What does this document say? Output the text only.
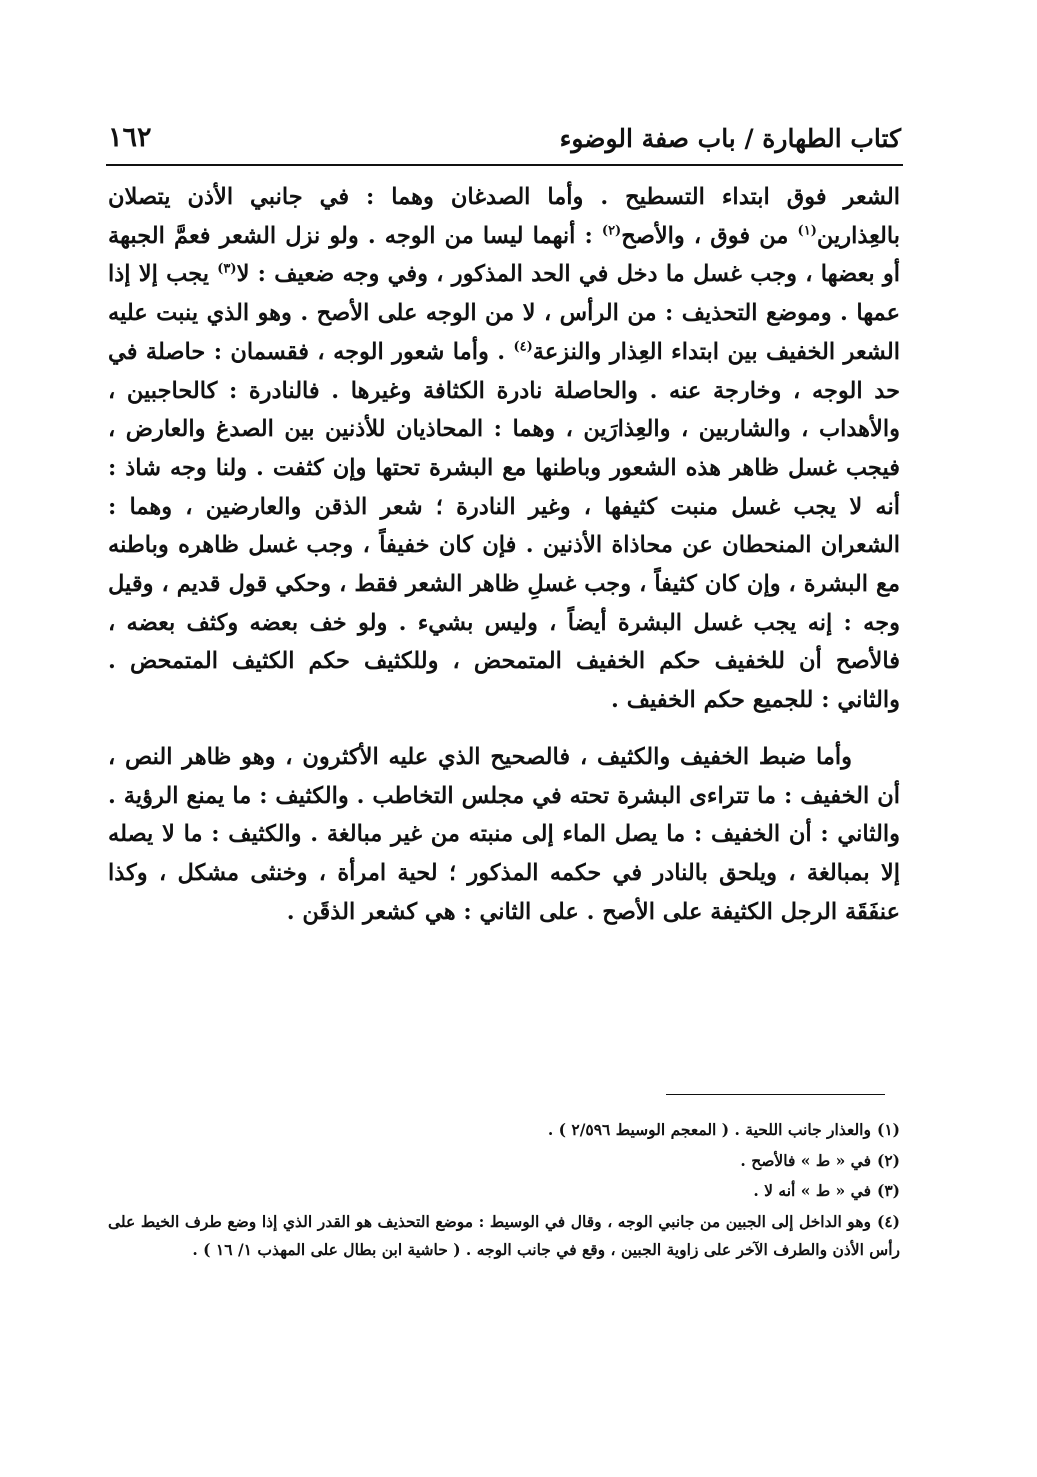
كتاب الطهارة / باب صفة الوضوء
١٦٢

الشعر فوق ابتداء التسطيح . وأما الصدغان وهما : في جانبي الأذن يتصلان بالعِذارين$^{(١)}$ من فوق ، والأصح$^{(٢)}$ : أنهما ليسا من الوجه . ولو نزل الشعر فعمَّ الجبهة أو بعضها ، وجب غسل ما دخل في الحد المذكور ، وفي وجه ضعيف : لا$^{(٣)}$ يجب إلا إذا عمها . وموضع التحذيف : من الرأس ، لا من الوجه على الأصح . وهو الذي ينبت عليه الشعر الخفيف بين ابتداء العِذار والنزعة$^{(٤)}$ . وأما شعور الوجه ، فقسمان : حاصلة في حد الوجه ، وخارجة عنه . والحاصلة نادرة الكثافة وغيرها . فالنادرة : كالحاجبين ، والأهداب ، والشاربين ، والعِذارَين ، وهما : المحاذيان للأذنين بين الصدغ والعارض ، فيجب غسل ظاهر هذه الشعور وباطنها مع البشرة تحتها وإن كثفت . ولنا وجه شاذ : أنه لا يجب غسل منبت كثيفها ، وغير النادرة ؛ شعر الذقن والعارضين ، وهما : الشعران المنحطان عن محاذاة الأذنين . فإن كان خفيفاً ، وجب غسل ظاهره وباطنه مع البشرة ، وإن كان كثيفاً ، وجب غسلِ ظاهر الشعر فقط ، وحكي قول قديم ، وقيل وجه : إنه يجب غسل البشرة أيضاً ، وليس بشيء . ولو خف بعضه وكثف بعضه ، فالأصح أن للخفيف حكم الخفيف المتمحض ، وللكثيف حكم الكثيف المتمحض . والثاني : للجميع حكم الخفيف .

وأما ضبط الخفيف والكثيف ، فالصحيح الذي عليه الأكثرون ، وهو ظاهر النص ، أن الخفيف : ما تتراءى البشرة تحته في مجلس التخاطب . والكثيف : ما يمنع الرؤية . والثاني : أن الخفيف : ما يصل الماء إلى منبته من غير مبالغة . والكثيف : ما لا يصله إلا بمبالغة ، ويلحق بالنادر في حكمه المذكور ؛ لحية امرأة ، وخنثى مشكل ، وكذا عنفَقَة الرجل الكثيفة على الأصح . على الثاني : هي كشعر الذقَن .

(١)والعذار جانب اللحية . ( المعجم الوسيط ٢/٥٩٦ ) .

(٢)في « ط » فالأصح .

(٣)في « ط » أنه لا .

(٤)وهو الداخل إلى الجبين من جانبي الوجه ، وقال في الوسيط : موضع التحذيف هو القدر الذي إذا وضع طرف الخيط على رأس الأذن والطرف الآخر على زاوية الجبين ، وقع في جانب الوجه . ( حاشية ابن بطال على المهذب ١/ ١٦ ) .
